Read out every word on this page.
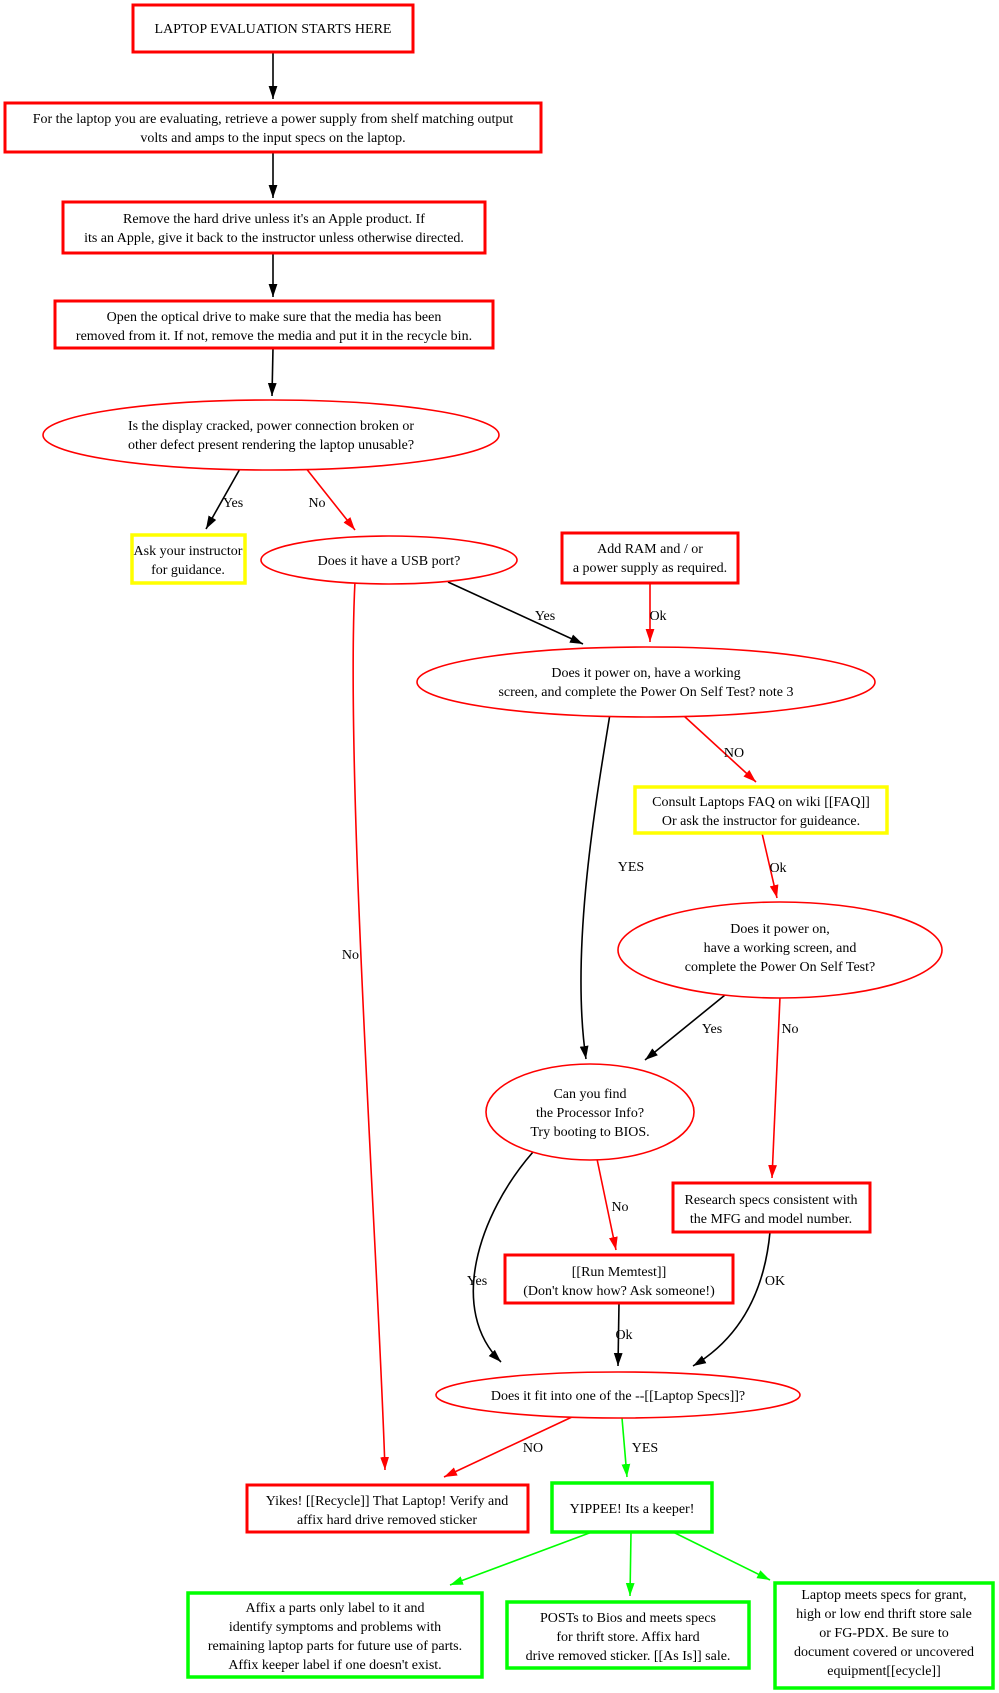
Yes	No
Yes	Ok
NO
YES	Ok
Yes	No
No
No
Yes	OK
Ok
NO	YES
LAPTOP EVALUATION STARTS HERE
For the laptop you are evaluating, retrieve a power supply from shelf matching output
volts and amps to the input specs on the laptop.
Remove the hard drive unless it's an Apple product. If
its an Apple, give it back to the instructor unless otherwise directed.
Open the optical drive to make sure that the media has been
removed from it. If not, remove the media and put it in the recycle bin.
Is the display cracked, power connection broken or
other defect present rendering the laptop unusable?
Ask your instructor
for guidance.
Does it have a USB port?
Add RAM and / or
a power supply as required.
Does it power on, have a working
screen, and complete the Power On Self Test? note 3
Consult Laptops FAQ on wiki [[FAQ]]
Or ask the instructor for guideance.
Does it power on,
have a working screen, and
complete the Power On Self Test?
Can you find
the Processor Info?
Try booting to BIOS.
Research specs consistent with
the MFG and model number.
[[Run Memtest]]
(Don't know how? Ask someone!)
Does it fit into one of the --[[Laptop Specs]]?
Yikes! [[Recycle]] That Laptop! Verify and
affix hard drive removed sticker
YIPPEE! Its a keeper!
Affix a parts only label to it and
identify symptoms and problems with
remaining laptop parts for future use of parts.
Affix keeper label if one doesn't exist.
POSTs to Bios and meets specs
for thrift store. Affix hard
drive removed sticker. [[As Is]] sale.
Laptop meets specs for grant,
high or low end thrift store sale
or FG-PDX. Be sure to
document covered or uncovered
equipment[[ecycle]]
